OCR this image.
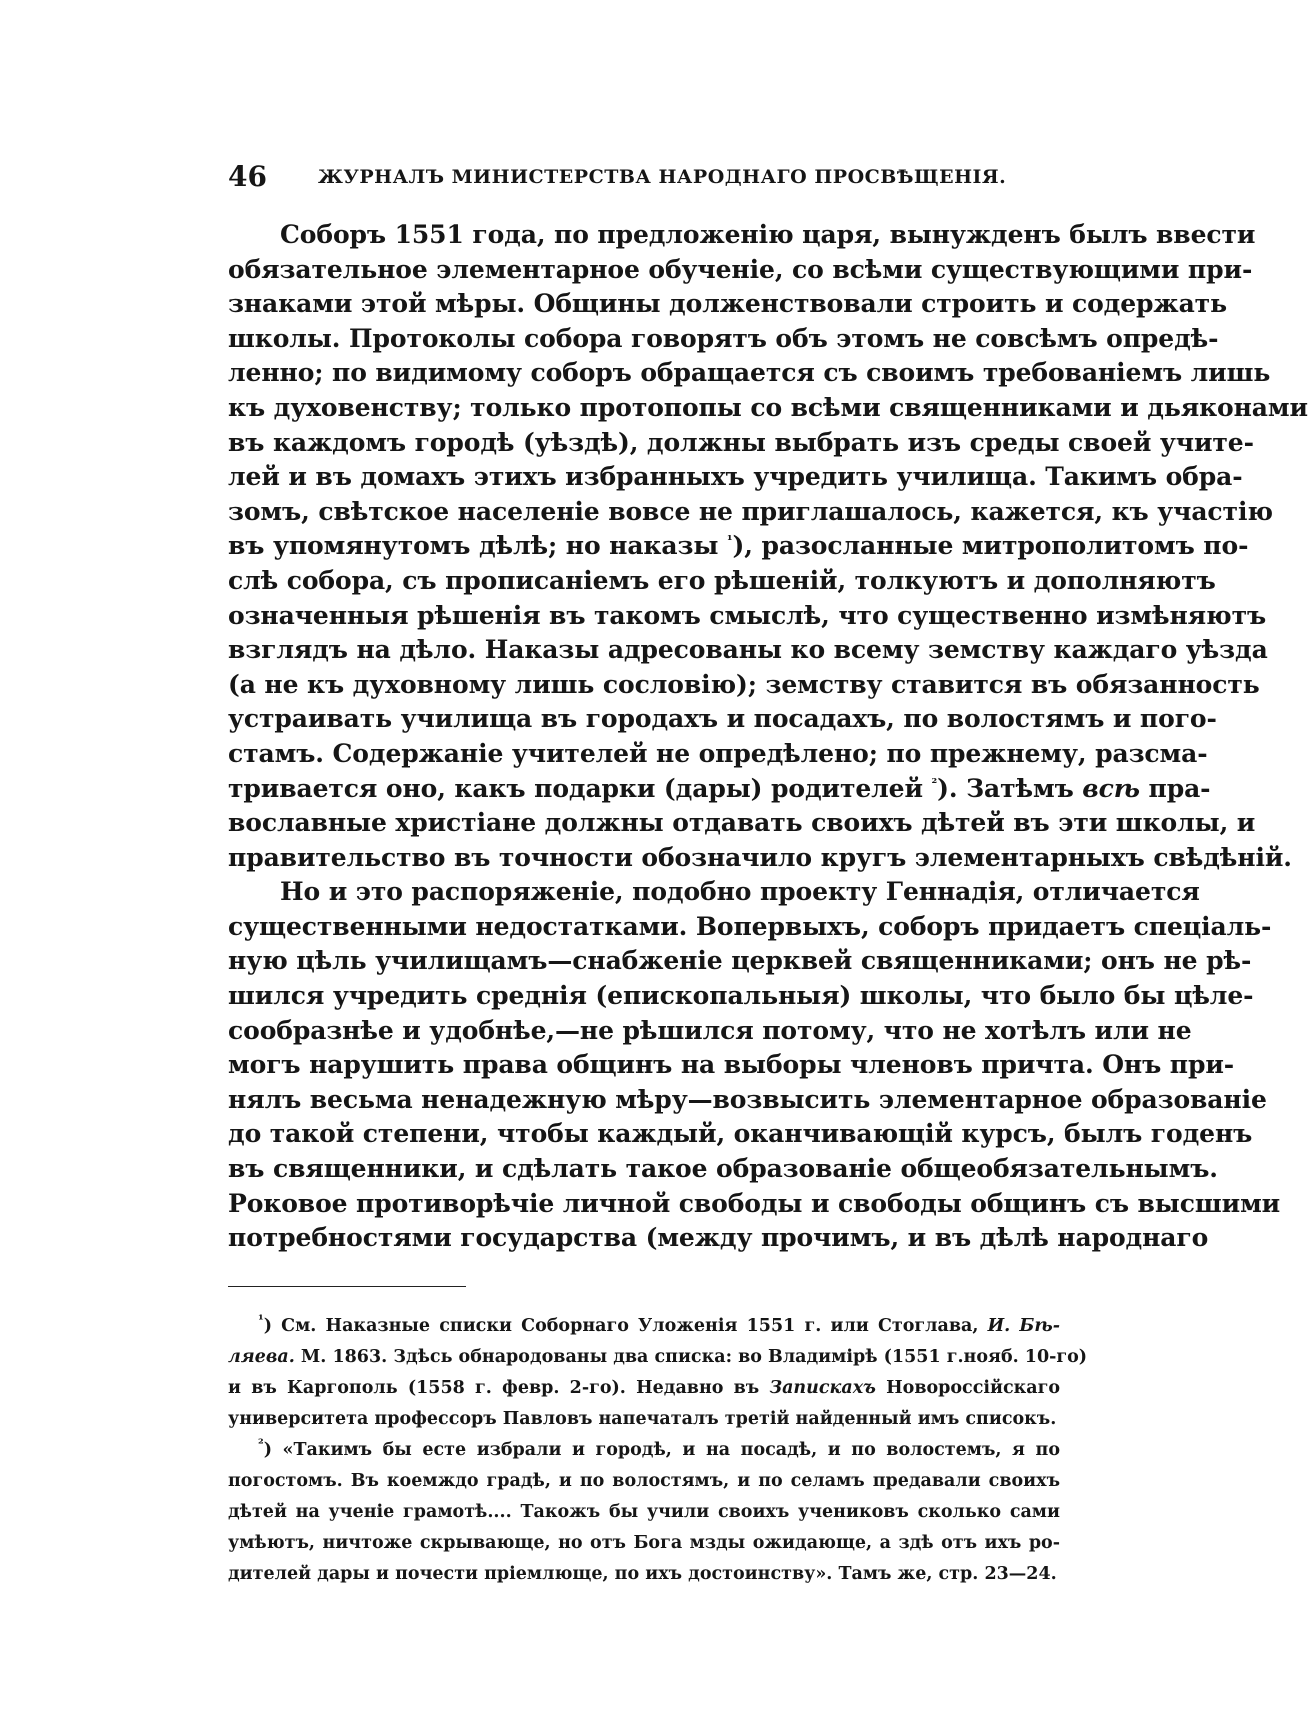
46	ЖУРНАЛЪ МИНИСТЕРСТВА НАРОДНАГО ПРОСВѢЩЕНІЯ.
Соборъ 1551 года, по предложенію царя, вынужденъ былъ ввести
обязательное элементарное обученіе, со всѣми существующими при-
знаками этой мѣры. Общины долженствовали строить и содержать
школы. Протоколы собора говорятъ объ этомъ не совсѣмъ опредѣ-
ленно; по видимому соборъ обращается съ своимъ требованіемъ лишь
къ духовенству; только протопопы со всѣми священниками и дьяконами
въ каждомъ городѣ (уѣздѣ), должны выбрать изъ среды своей учите-
лей и въ домахъ этихъ избранныхъ учредить училища. Такимъ обра-
зомъ, свѣтское населеніе вовсе не приглашалось, кажется, къ участію
въ упомянутомъ дѣлѣ; но наказы $^{^1}$), разосланные митрополитомъ по-
слѣ собора, съ прописаніемъ его рѣшеній, толкуютъ и дополняютъ
означенныя рѣшенія въ такомъ смыслѣ, что существенно измѣняютъ
взглядъ на дѣло. Наказы адресованы ко всему земству каждаго уѣзда
(а не къ духовному лишь сословію); земству ставится въ обязанность
устраивать училища въ городахъ и посадахъ, по волостямъ и пого-
стамъ. Содержаніе учителей не опредѣлено; по прежнему, разсма-
тривается оно, какъ подарки (дары) родителей $^{^2}$). Затѣмъ всѣ пра-
вославные христіане должны отдавать своихъ дѣтей въ эти школы, и
правительство въ точности обозначило кругъ элементарныхъ свѣдѣній.
Но и это распоряженіе, подобно проекту Геннадія, отличается
существенными недостатками. Вопервыхъ, соборъ придаетъ спеціаль-
ную цѣль училищамъ—снабженіе церквей священниками; онъ не рѣ-
шился учредить среднія (епископальныя) школы, что было бы цѣле-
сообразнѣе и удобнѣе,—не рѣшился потому, что не хотѣлъ или не
могъ нарушить права общинъ на выборы членовъ причта. Онъ при-
нялъ весьма ненадежную мѣру—возвысить элементарное образованіе
до такой степени, чтобы каждый, оканчивающій курсъ, былъ годенъ
въ священники, и сдѣлать такое образованіе общеобязательнымъ.
Роковое противорѣчіе личной свободы и свободы общинъ съ высшими
потребностями государства (между прочимъ, и въ дѣлѣ народнаго
$^{^1}$) См. Наказные списки Соборнаго Уложенія 1551 г. или Стоглава, И. Бѣ-
ляева. М. 1863. Здѣсь обнародованы два списка: во Владимірѣ (1551 г.нояб. 10-го)
и въ Каргополь (1558 г. февр. 2-го). Недавно въ Запискахъ Новороссійскаго
университета профессоръ Павловъ напечаталъ третій найденный имъ списокъ.
$^{^2}$) «Такимъ бы есте избрали и городѣ, и на посадѣ, и по волостемъ, я по
погостомъ. Въ коемждо градѣ, и по волостямъ, и по селамъ предавали своихъ
дѣтей на ученіе грамотѣ.... Такожъ бы учили своихъ учениковъ сколько сами
умѣютъ, ничтоже скрывающе, но отъ Бога мзды ожидающе, а здѣ отъ ихъ ро-
дителей дары и почести пріемлюще, по ихъ достоинству». Тамъ же, стр. 23—24.
